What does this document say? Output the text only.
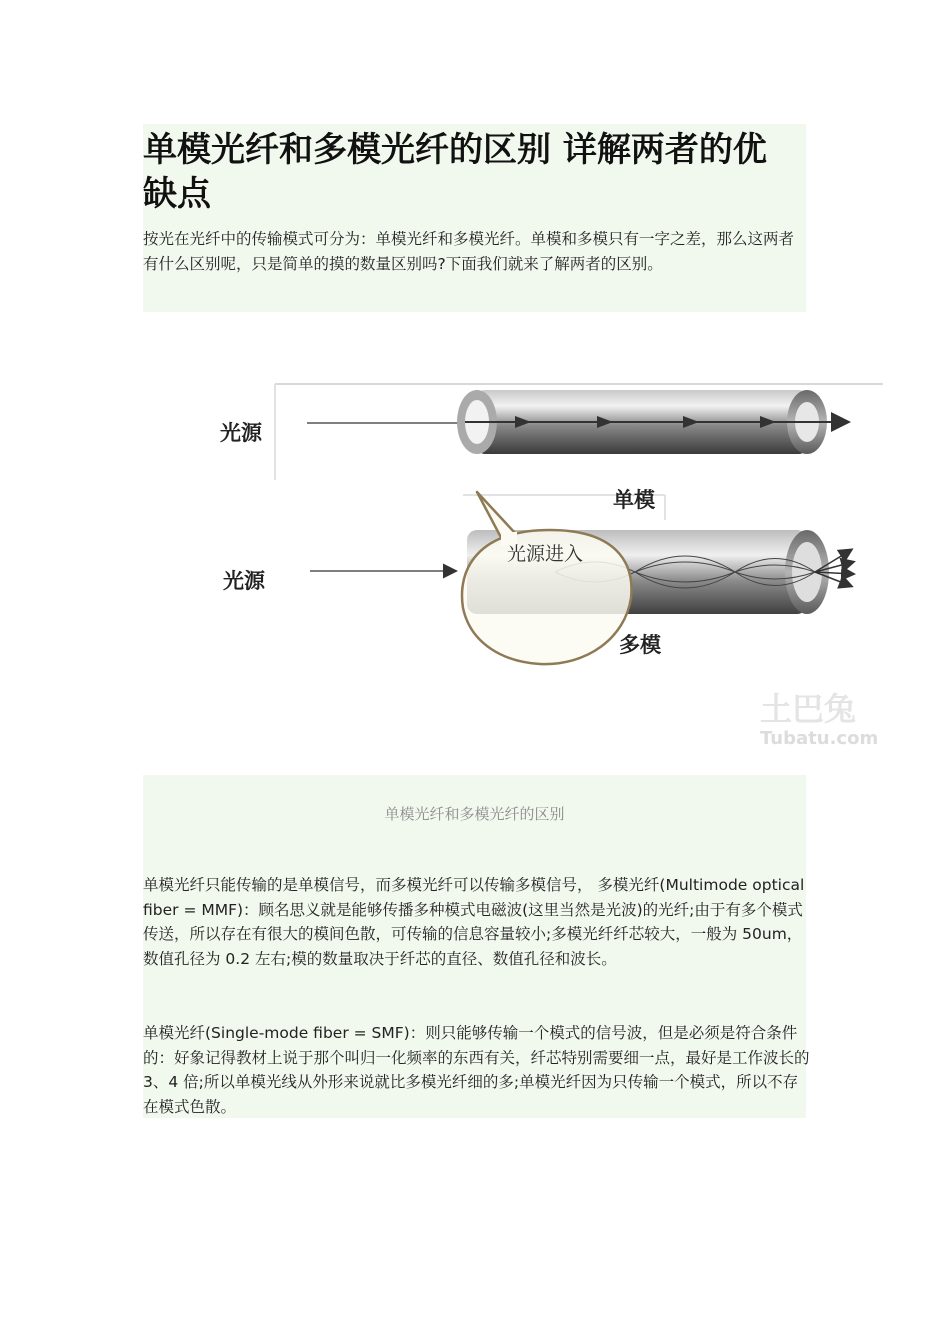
单模光纤和多模光纤的区别 详解两者的优缺点

按光在光纤中的传输模式可分为：单模光纤和多模光纤。单模和多模只有一字之差，那么这两者有什么区别呢，只是简单的摸的数量区别吗?下面我们就来了解两者的区别。

光源
单模
光源
光源进入
多模
土巴兔
Tubatu.com
单模光纤和多模光纤的区别

单模光纤只能传输的是单模信号，而多模光纤可以传输多模信号， 多模光纤(Multimode optical fiber = MMF)：顾名思义就是能够传播多种模式电磁波(这里当然是光波)的光纤;由于有多个模式传送，所以存在有很大的模间色散，可传输的信息容量较小;多模光纤纤芯较大，一般为 50um，数值孔径为 0.2 左右;模的数量取决于纤芯的直径、数值孔径和波长。

单模光纤(Single-mode fiber = SMF)：则只能够传输一个模式的信号波，但是必须是符合条件的：好象记得教材上说于那个叫归一化频率的东西有关，纤芯特别需要细一点，最好是工作波长的 3、4 倍;所以单模光线从外形来说就比多模光纤细的多;单模光纤因为只传输一个模式，所以不存在模式色散。
